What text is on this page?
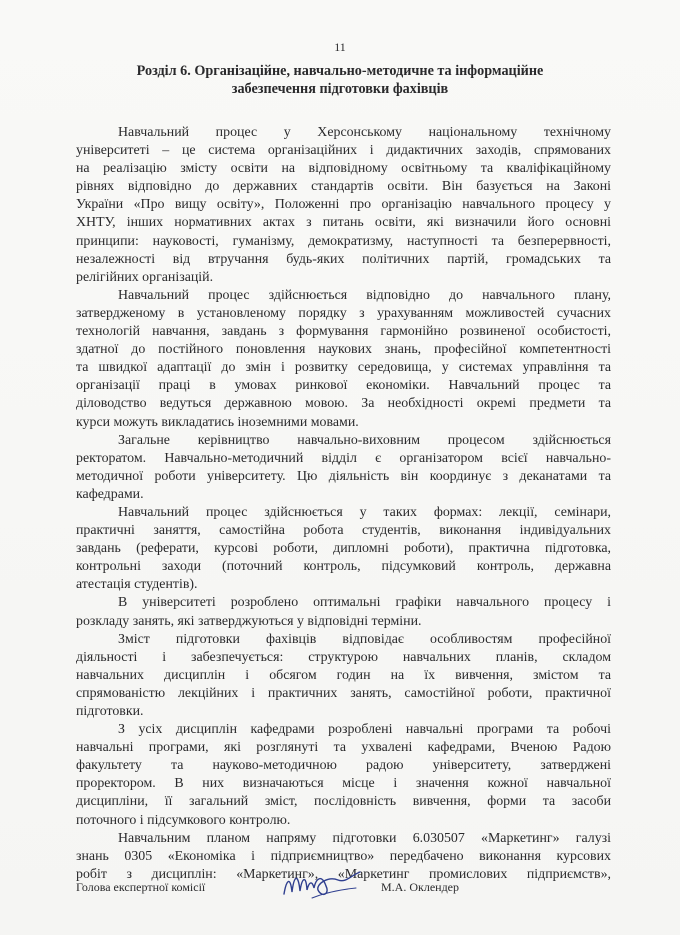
11
Розділ 6. Організаційне, навчально-методичне та інформаційне
забезпечення підготовки фахівців
Навчальний процес у Херсонському національному технічному
університеті – це система організаційних і дидактичних заходів, спрямованих
на реалізацію змісту освіти на відповідному освітньому та кваліфікаційному
рівнях відповідно до державних стандартів освіти. Він базується на Законі
України «Про вищу освіту», Положенні про організацію навчального процесу у
ХНТУ, інших нормативних актах з питань освіти, які визначили його основні
принципи: науковості, гуманізму, демократизму, наступності та безперервності,
незалежності від втручання будь-яких політичних партій, громадських та
релігійних організацій.
Навчальний процес здійснюється відповідно до навчального плану,
затвердженому в установленому порядку з урахуванням можливостей сучасних
технологій навчання, завдань з формування гармонійно розвиненої особистості,
здатної до постійного поновлення наукових знань, професійної компетентності
та швидкої адаптації до змін і розвитку середовища, у системах управління та
організації праці в умовах ринкової економіки. Навчальний процес та
діловодство ведуться державною мовою. За необхідності окремі предмети та
курси можуть викладатись іноземними мовами.
Загальне керівництво навчально-виховним процесом здійснюється
ректоратом. Навчально-методичний відділ є організатором всієї навчально-
методичної роботи університету. Цю діяльність він координує з деканатами та
кафедрами.
Навчальний процес здійснюється у таких формах: лекції, семінари,
практичні заняття, самостійна робота студентів, виконання індивідуальних
завдань (реферати, курсові роботи, дипломні роботи), практична підготовка,
контрольні заходи (поточний контроль, підсумковий контроль, державна
атестація студентів).
В університеті розроблено оптимальні графіки навчального процесу і
розкладу занять, які затверджуються у відповідні терміни.
Зміст підготовки фахівців відповідає особливостям професійної
діяльності і забезпечується: структурою навчальних планів, складом
навчальних дисциплін і обсягом годин на їх вивчення, змістом та
спрямованістю лекційних і практичних занять, самостійної роботи, практичної
підготовки.
З усіх дисциплін кафедрами розроблені навчальні програми та робочі
навчальні програми, які розглянуті та ухвалені кафедрами, Вченою Радою
факультету та науково-методичною радою університету, затверджені
проректором. В них визначаються місце і значення кожної навчальної
дисципліни, її загальний зміст, послідовність вивчення, форми та засоби
поточного і підсумкового контролю.
Навчальним планом напряму підготовки 6.030507 «Маркетинг» галузі
знань 0305 «Економіка і підприємництво» передбачено виконання курсових
робіт з дисциплін: «Маркетинг», «Маркетинг промислових підприємств»,
Голова експертної комісії	М.А. Оклендер
